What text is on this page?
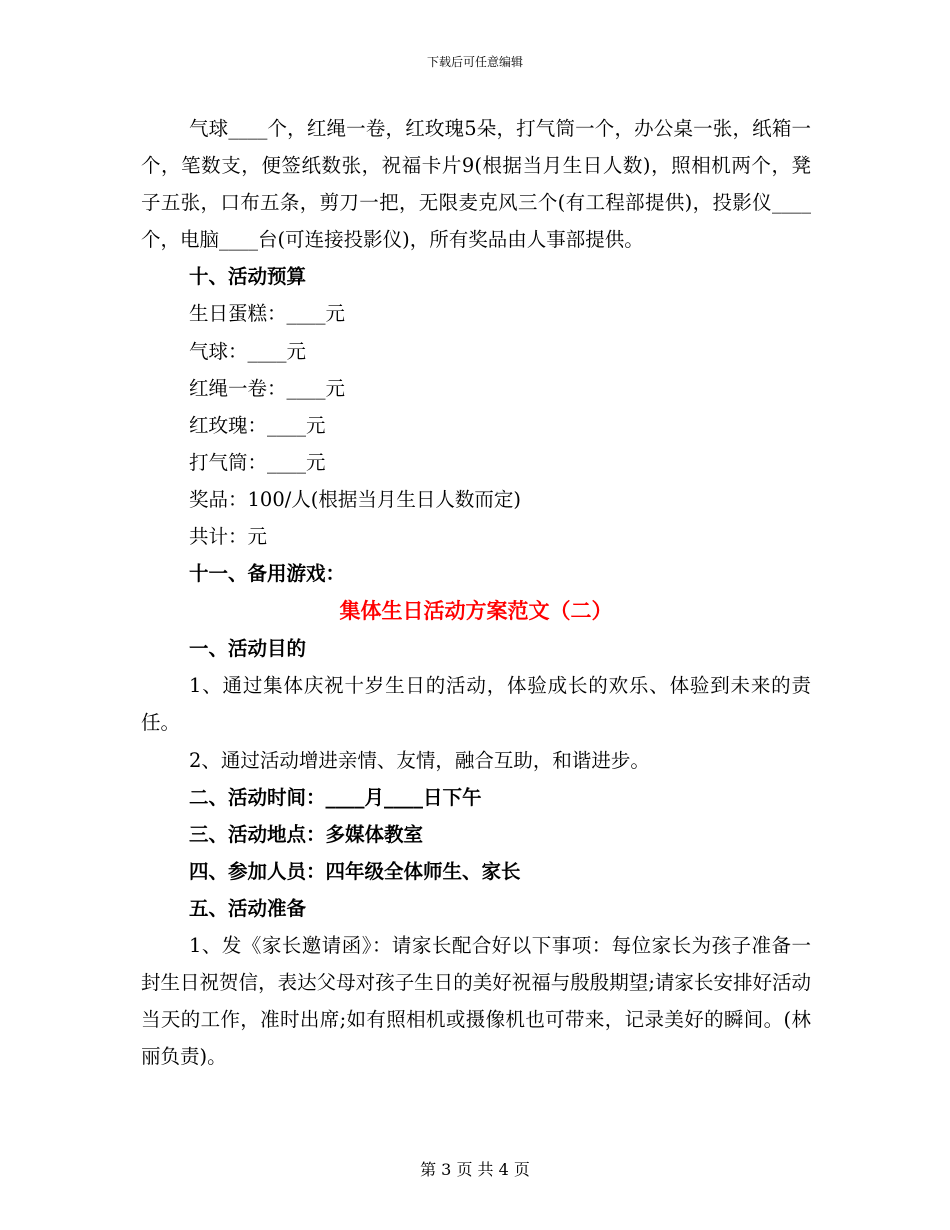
下载后可任意编辑

气球____个，红绳一卷，红玫瑰5朵，打气筒一个，办公桌一张，纸箱一个，笔数支，便签纸数张，祝福卡片9(根据当月生日人数)，照相机两个，凳子五张，口布五条，剪刀一把，无限麦克风三个(有工程部提供)，投影仪____个，电脑____台(可连接投影仪)，所有奖品由人事部提供。

十、活动预算

生日蛋糕：____元

气球：____元

红绳一卷：____元

红玫瑰：____元

打气筒：____元

奖品：100/人(根据当月生日人数而定)

共计：元

十一、备用游戏：

集体生日活动方案范文（二）

一、活动目的

1、通过集体庆祝十岁生日的活动，体验成长的欢乐、体验到未来的责任。

2、通过活动增进亲情、友情，融合互助，和谐进步。

二、活动时间：____月____日下午

三、活动地点：多媒体教室

四、参加人员：四年级全体师生、家长

五、活动准备

1、发《家长邀请函》：请家长配合好以下事项：每位家长为孩子准备一封生日祝贺信，表达父母对孩子生日的美好祝福与殷殷期望;请家长安排好活动当天的工作，准时出席;如有照相机或摄像机也可带来，记录美好的瞬间。(林丽负责)。

第 3 页 共 4 页
